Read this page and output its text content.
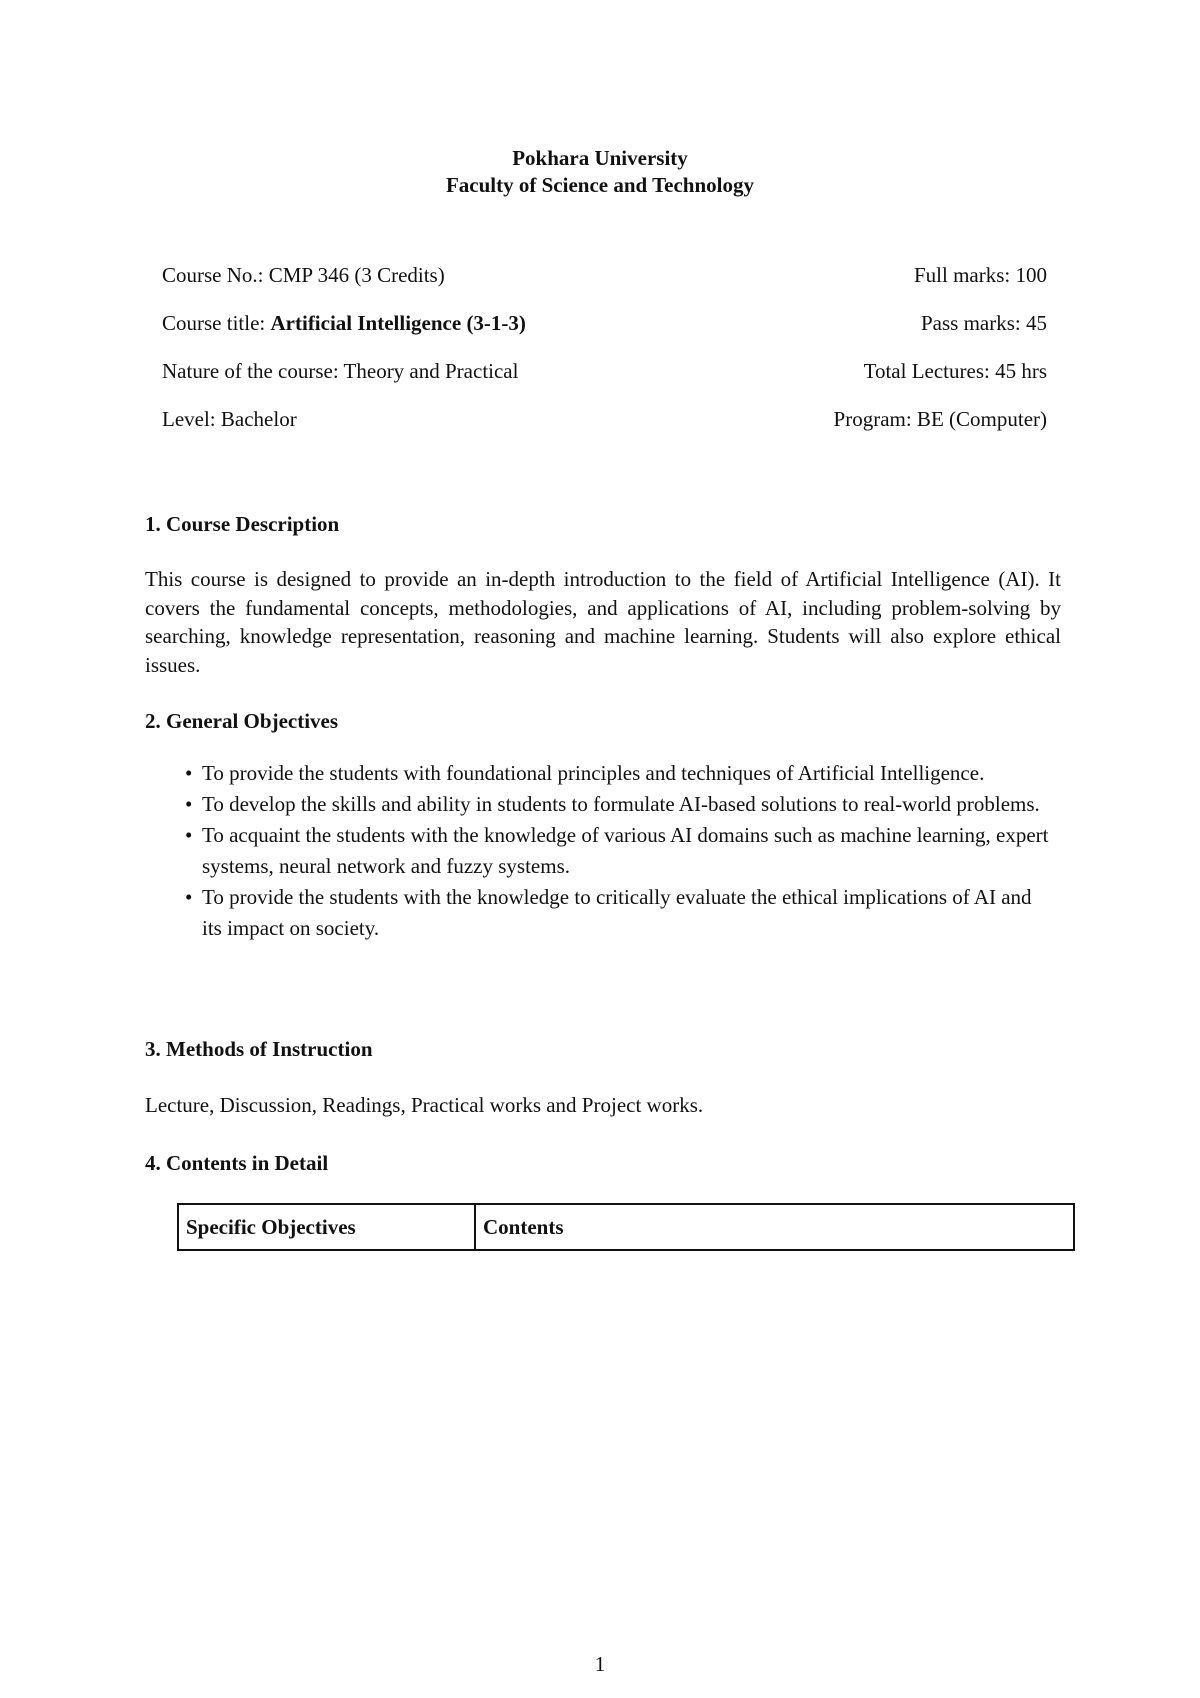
Pokhara University
Faculty of Science and Technology
Course No.: CMP 346 (3 Credits)	Full marks: 100
Course title: Artificial Intelligence (3-1-3)	Pass marks: 45
Nature of the course: Theory and Practical	Total Lectures: 45 hrs
Level: Bachelor	Program: BE (Computer)
1. Course Description

This course is designed to provide an in-depth introduction to the field of Artificial Intelligence (AI). It covers the fundamental concepts, methodologies, and applications of AI, including problem-solving by searching, knowledge representation, reasoning and machine learning. Students will also explore ethical issues.

2. General Objectives
• To provide the students with foundational principles and techniques of Artificial Intelligence.
• To develop the skills and ability in students to formulate AI-based solutions to real-world problems.
• To acquaint the students with the knowledge of various AI domains such as machine learning, expert systems, neural network and fuzzy systems.
• To provide the students with the knowledge to critically evaluate the ethical implications of AI and its impact on society.
3. Methods of Instruction

Lecture, Discussion, Readings, Practical works and Project works.

4. Contents in Detail
Specific Objectives	Contents
1
